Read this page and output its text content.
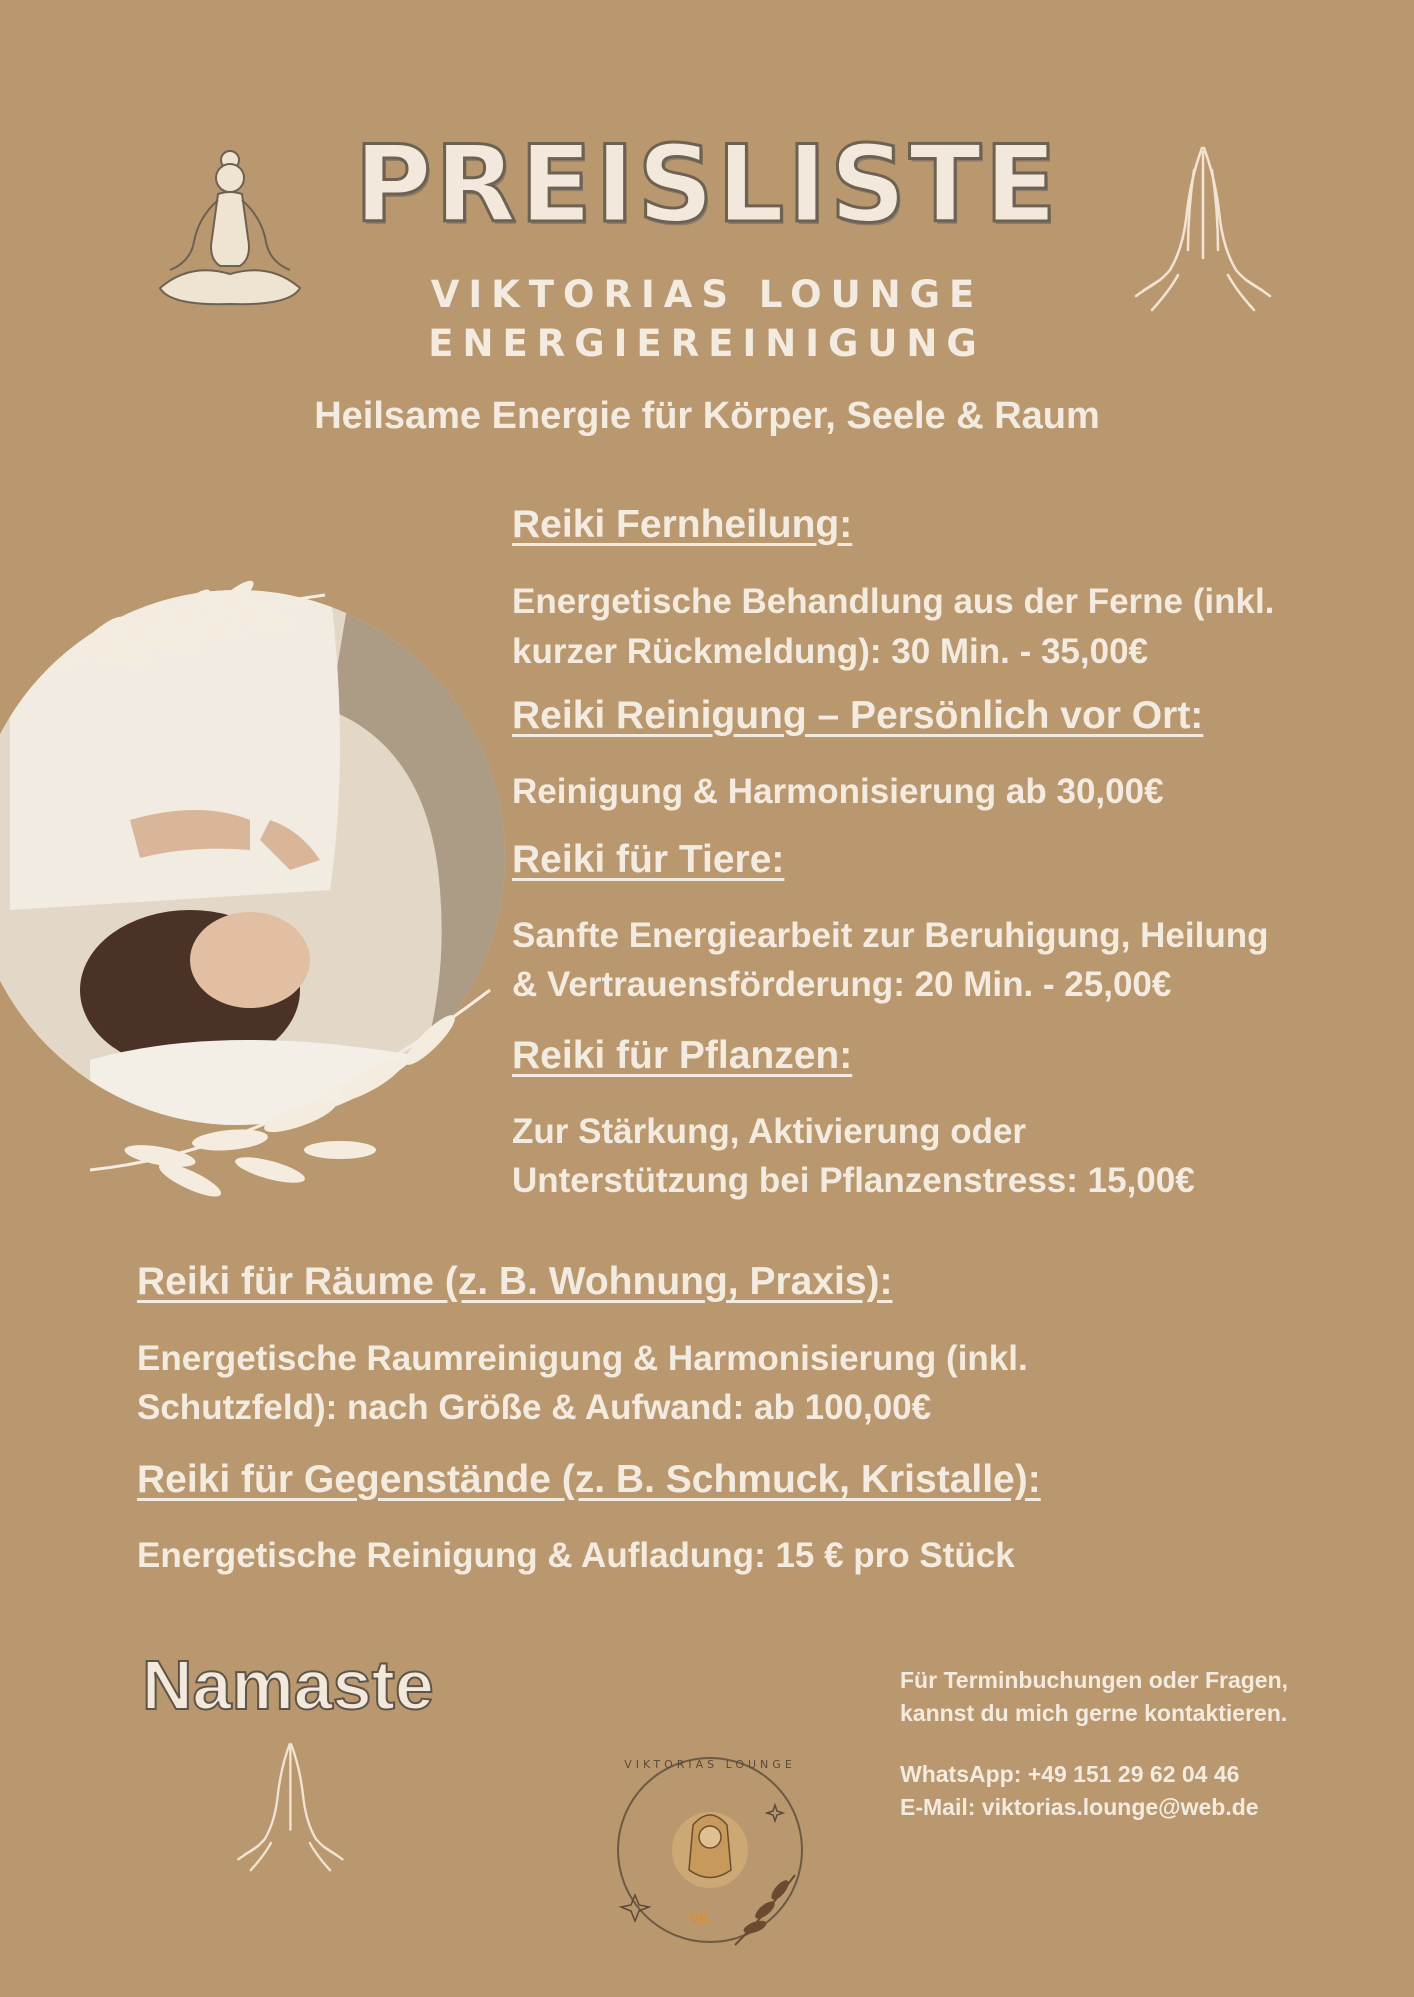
PREISLISTE
VIKTORIAS LOUNGE
ENERGIEREINIGUNG
Heilsame Energie für Körper, Seele & Raum
Reiki Fernheilung:
Energetische Behandlung aus der Ferne (inkl.
kurzer Rückmeldung): 30 Min. - 35,00€
Reiki Reinigung – Persönlich vor Ort:
Reinigung & Harmonisierung ab 30,00€
Reiki für Tiere:
Sanfte Energiearbeit zur Beruhigung, Heilung
& Vertrauensförderung: 20 Min. - 25,00€
Reiki für Pflanzen:
Zur Stärkung, Aktivierung oder
Unterstützung bei Pflanzenstress: 15,00€
Reiki für Räume (z. B. Wohnung, Praxis):
Energetische Raumreinigung & Harmonisierung (inkl.
Schutzfeld): nach Größe & Aufwand: ab 100,00€
Reiki für Gegenstände (z. B. Schmuck, Kristalle):
Energetische Reinigung & Aufladung: 15 € pro Stück
Namaste
VK
VIKTORIAS LOUNGE
Für Terminbuchungen oder Fragen,
kannst du mich gerne kontaktieren.
WhatsApp: +49 151 29 62 04 46
E-Mail: viktorias.lounge@web.de
